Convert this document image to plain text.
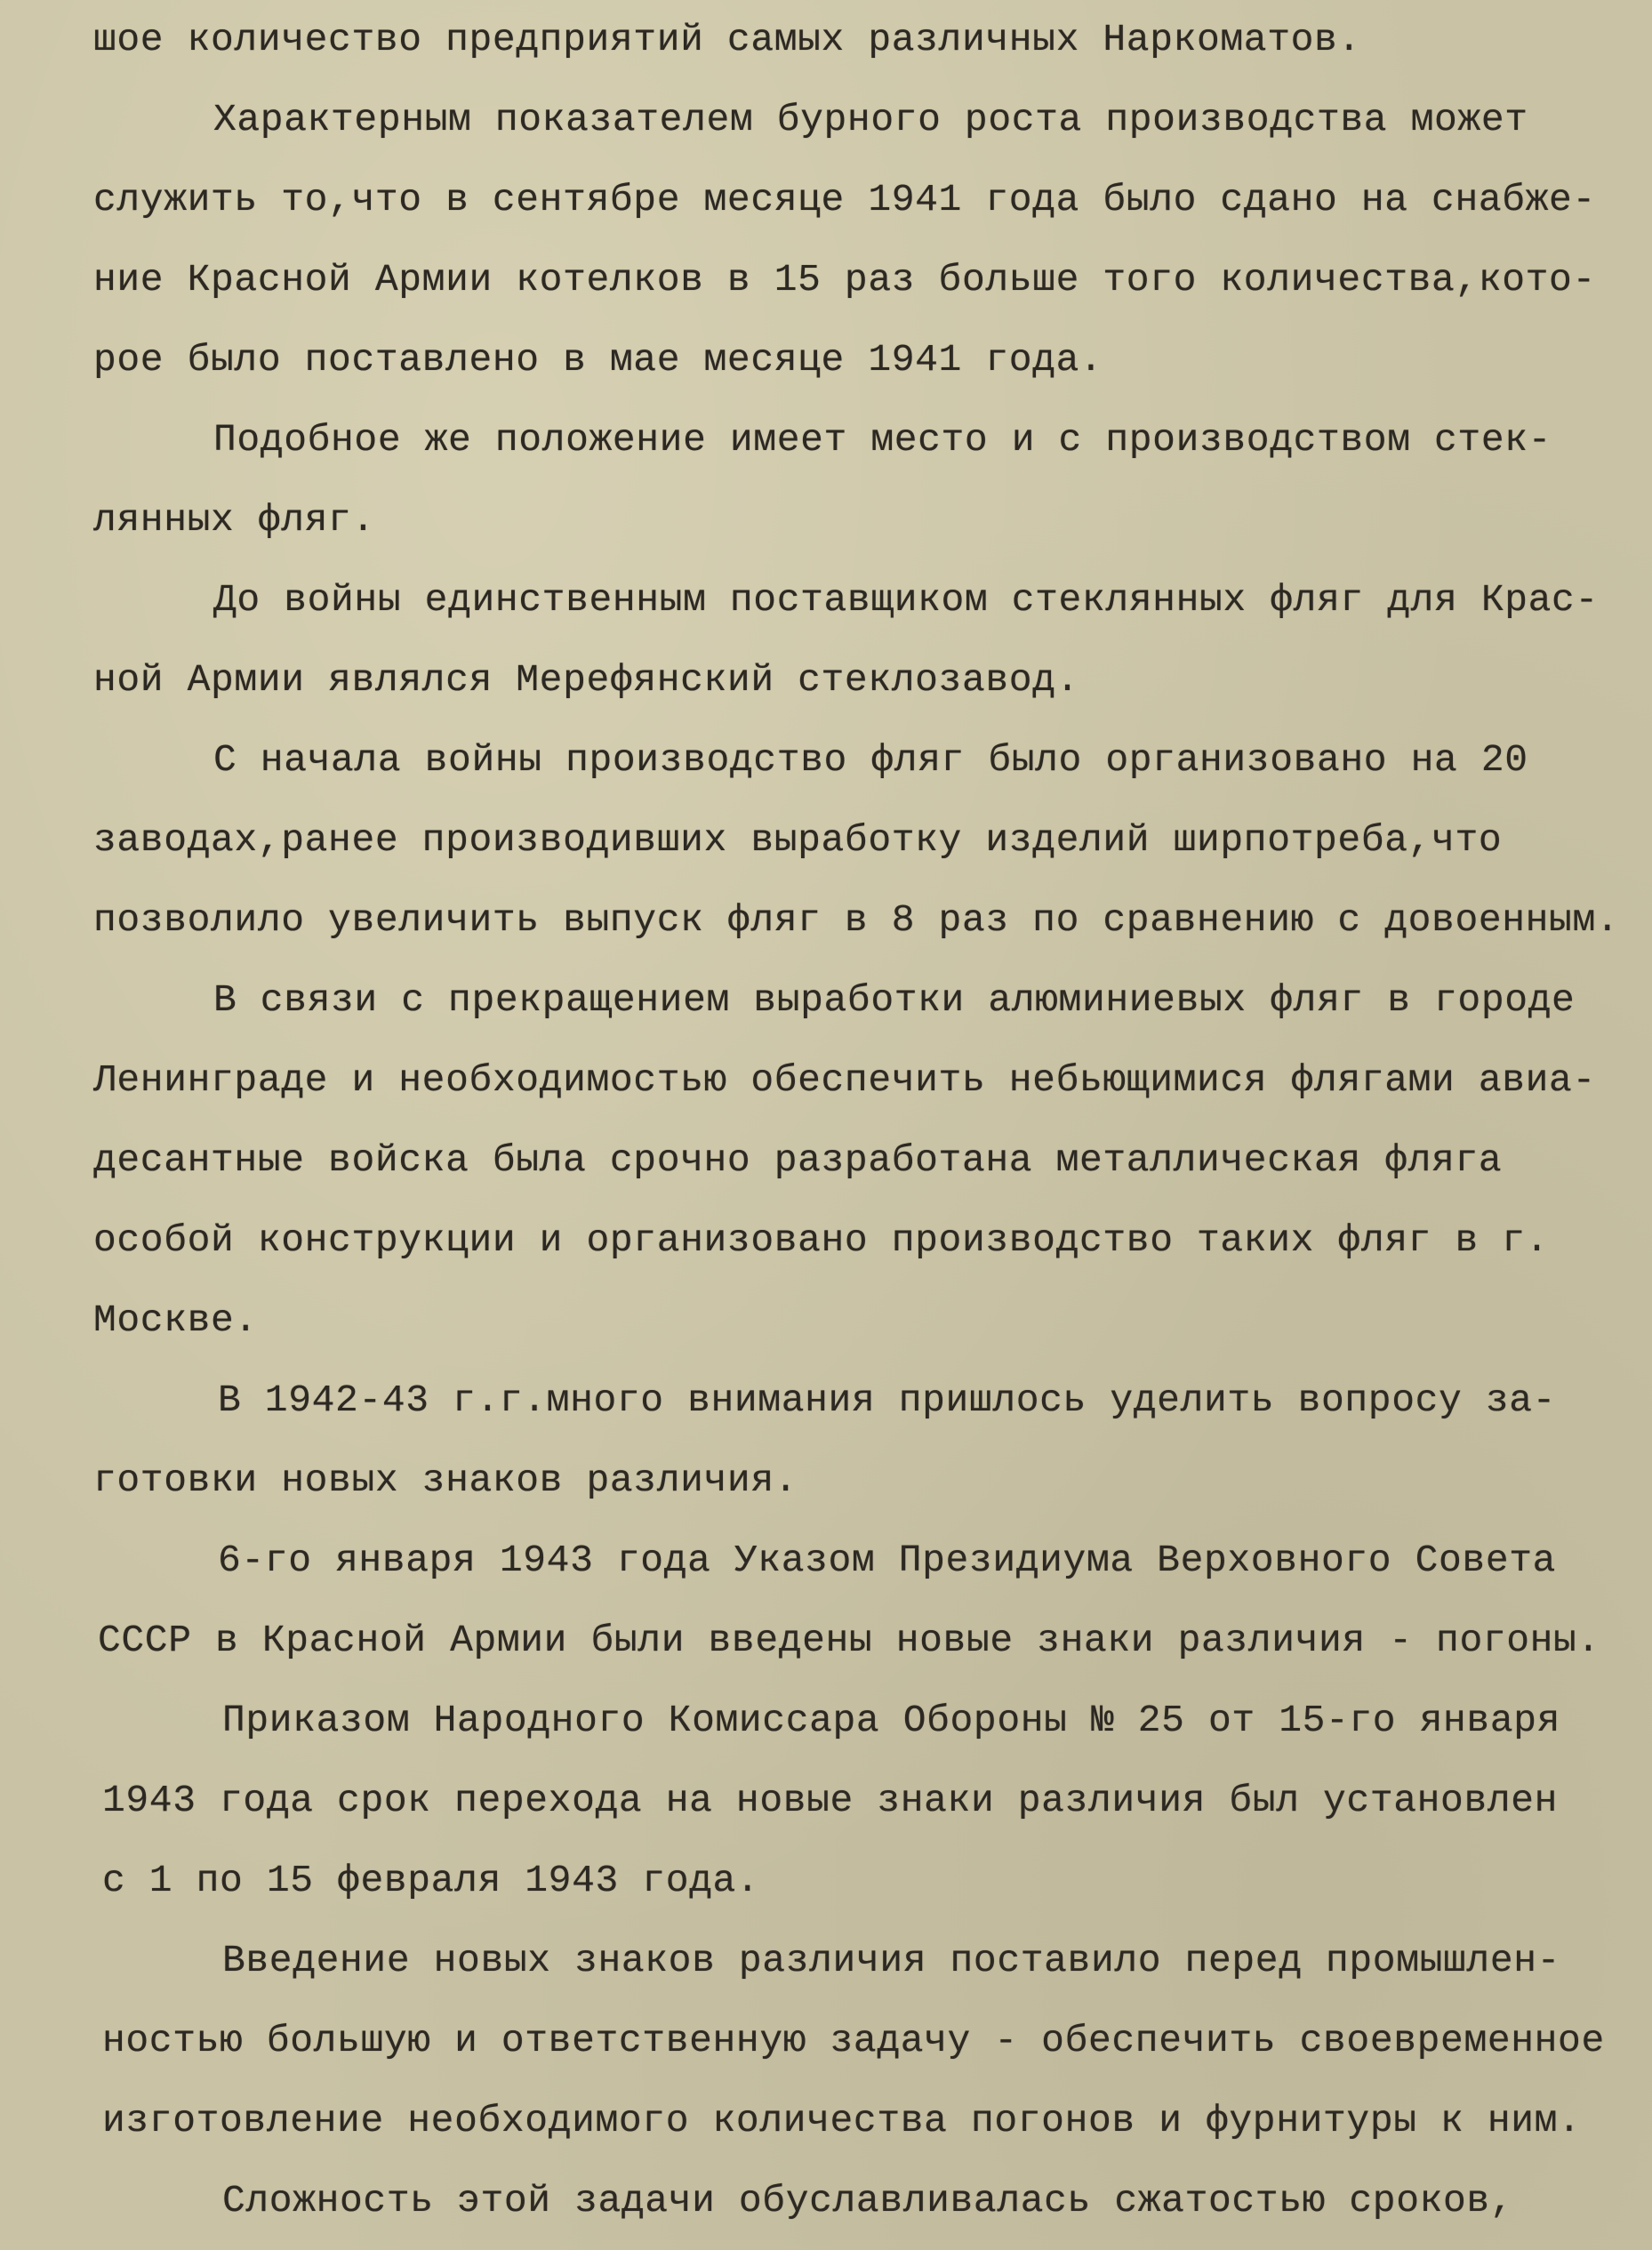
шое количество предприятий самых различных Наркоматов.
Характерным показателем бурного роста производства может
служить то,что в сентябре месяце 1941 года было сдано на снабже-
ние Красной Армии котелков в 15 раз больше того количества,кото-
рое было поставлено в мае месяце 1941 года.
Подобное же положение имеет место и с производством стек-
лянных фляг.
До войны единственным поставщиком стеклянных фляг для Крас-
ной Армии являлся Мерефянский стеклозавод.
С начала войны производство фляг было организовано на 20
заводах,ранее производивших выработку изделий ширпотреба,что
позволило увеличить выпуск фляг в 8 раз по сравнению с довоенным.
В связи с прекращением выработки алюминиевых фляг в городе
Ленинграде и необходимостью обеспечить небьющимися флягами авиа-
десантные войска была срочно разработана металлическая фляга
особой конструкции и организовано производство таких фляг в г.
Москве.
В 1942-43 г.г.много внимания пришлось уделить вопросу за-
готовки новых знаков различия.
6-го января 1943 года Указом Президиума Верховного Совета
СССР в Красной Армии были введены новые знаки различия - погоны.
Приказом Народного Комиссара Обороны № 25 от 15-го января
1943 года срок перехода на новые знаки различия был установлен
с 1 по 15 февраля 1943 года.
Введение новых знаков различия поставило перед промышлен-
ностью большую и ответственную задачу - обеспечить своевременное
изготовление необходимого количества погонов и фурнитуры к ним.
Сложность этой задачи обуславливалась сжатостью сроков,
